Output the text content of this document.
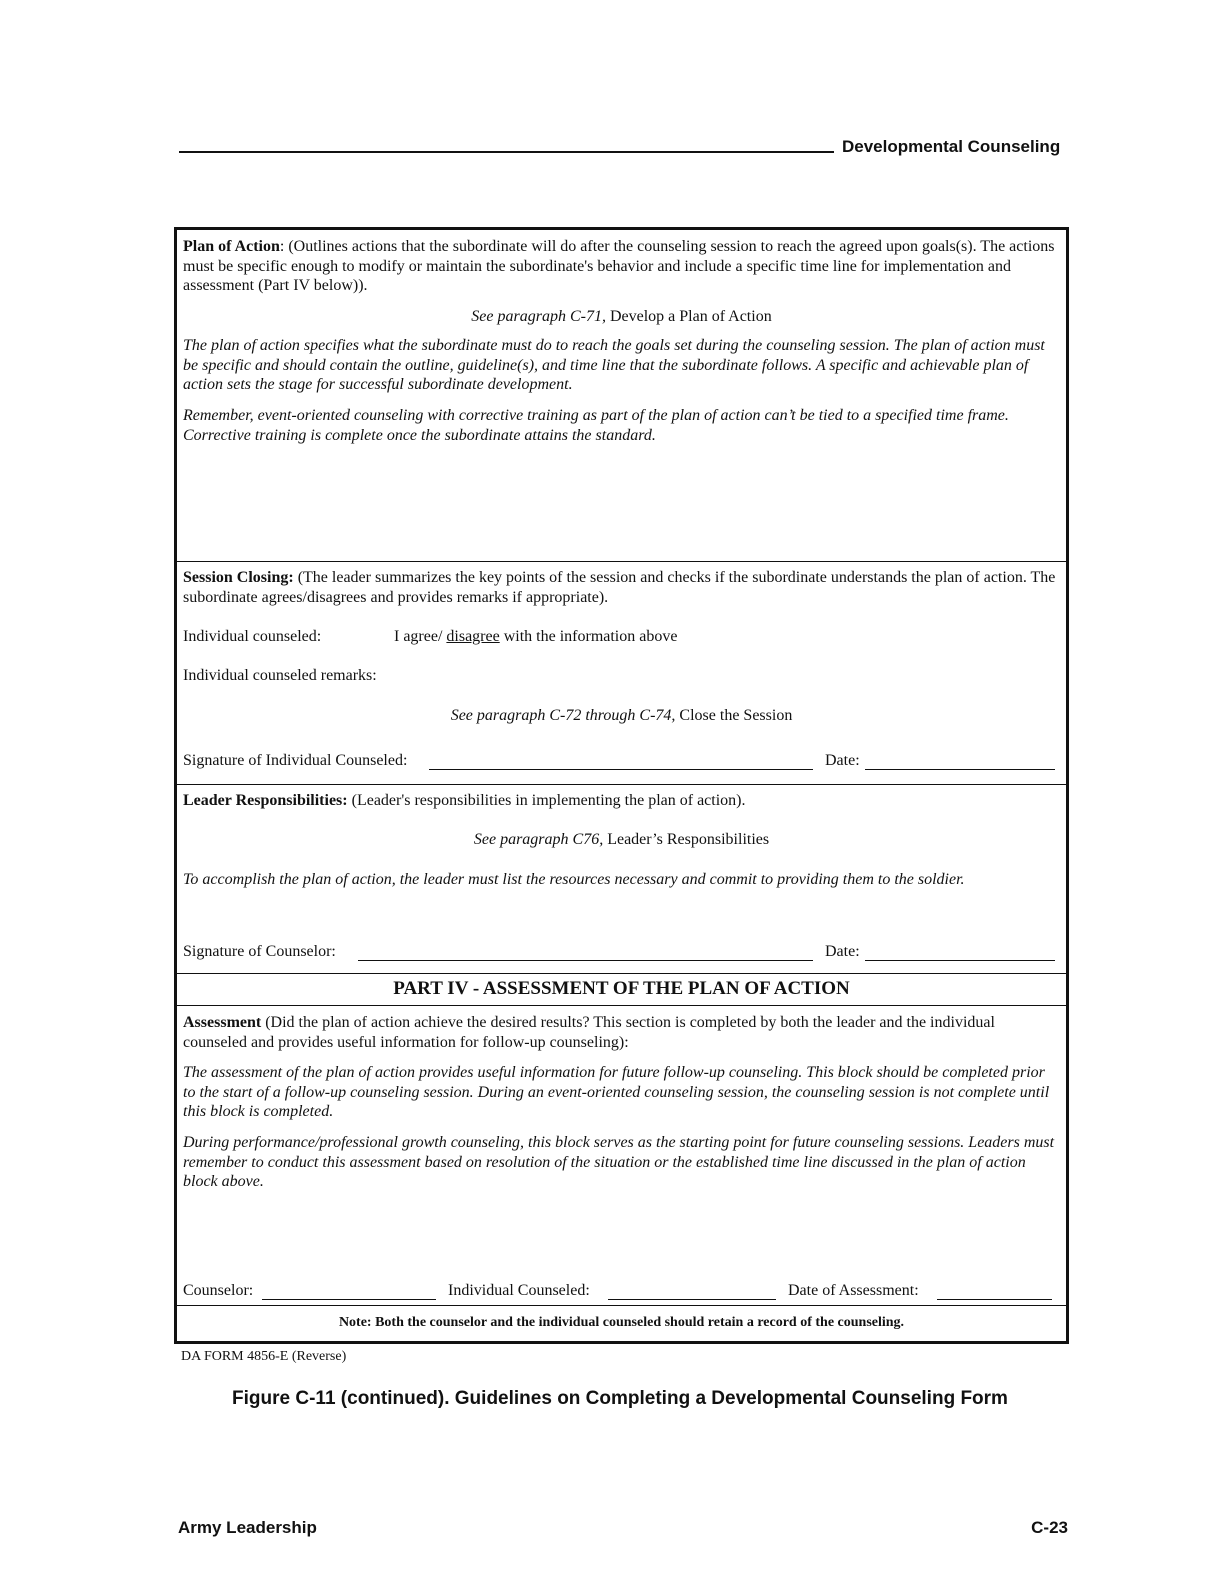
Developmental Counseling
Plan of Action: (Outlines actions that the subordinate will do after the counseling session to reach the agreed upon goals(s). The actions must be specific enough to modify or maintain the subordinate's behavior and include a specific time line for implementation and assessment (Part IV below)).
See paragraph C-71, Develop a Plan of Action
The plan of action specifies what the subordinate must do to reach the goals set during the counseling session. The plan of action must be specific and should contain the outline, guideline(s), and time line that the subordinate follows. A specific and achievable plan of action sets the stage for successful subordinate development.
Remember, event-oriented counseling with corrective training as part of the plan of action can’t be tied to a specified time frame. Corrective training is complete once the subordinate attains the standard.
Session Closing: (The leader summarizes the key points of the session and checks if the subordinate understands the plan of action. The subordinate agrees/disagrees and provides remarks if appropriate).
Individual counseled:	I agree/ disagree with the information above
Individual counseled remarks:
See paragraph C-72 through C-74, Close the Session
Signature of Individual Counseled:	Date:
Leader Responsibilities: (Leader's responsibilities in implementing the plan of action).
See paragraph C76, Leader’s Responsibilities
To accomplish the plan of action, the leader must list the resources necessary and commit to providing them to the soldier.
Signature of Counselor:	Date:
PART IV - ASSESSMENT OF THE PLAN OF ACTION
Assessment (Did the plan of action achieve the desired results? This section is completed by both the leader and the individual counseled and provides useful information for follow-up counseling):
The assessment of the plan of action provides useful information for future follow-up counseling. This block should be completed prior to the start of a follow-up counseling session. During an event-oriented counseling session, the counseling session is not complete until this block is completed.
During performance/professional growth counseling, this block serves as the starting point for future counseling sessions. Leaders must remember to conduct this assessment based on resolution of the situation or the established time line discussed in the plan of action block above.
Counselor:	Individual Counseled:	Date of Assessment:
Note: Both the counselor and the individual counseled should retain a record of the counseling.
DA FORM 4856-E (Reverse)
Figure C-11 (continued). Guidelines on Completing a Developmental Counseling Form
Army Leadership	C-23
